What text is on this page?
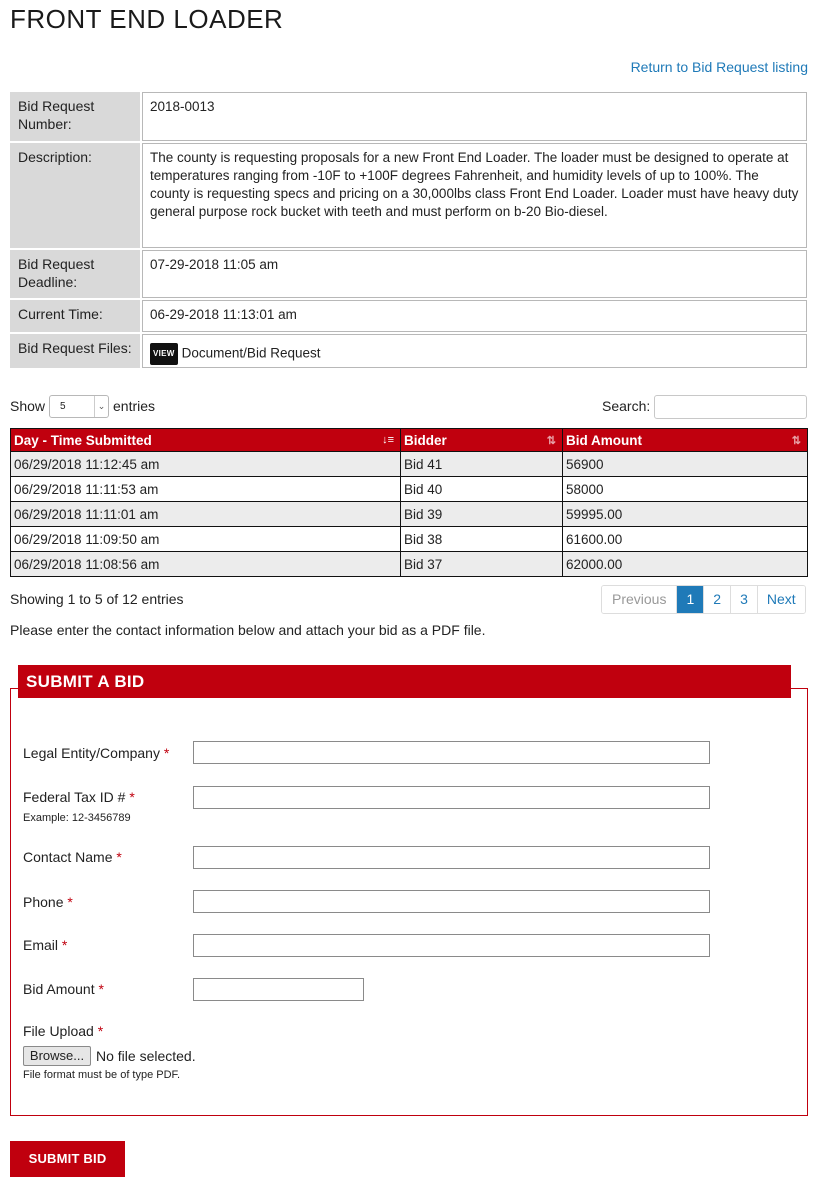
FRONT END LOADER
Return to Bid Request listing
Bid Request Number:
2018-0013
Description:	The county is requesting proposals for a new Front End Loader. The loader must be designed to operate at temperatures ranging from -10F to +100F degrees Fahrenheit, and humidity levels of up to 100%. The county is requesting specs and pricing on a 30,000lbs class Front End Loader. Loader must have heavy duty general purpose rock bucket with teeth and must perform on b-20 Bio-diesel.
Bid Request Deadline:
07-29-2018 11:05 am
Current Time:	06-29-2018 11:13:01 am
Bid Request Files:	VIEW Document/Bid Request
Show	5	⌄ entries	Search:
Day - Time Submitted ↓≡	Bidder ⇅	Bid Amount ⇅

06/29/2018 11:12:45 am	Bid 41	56900
06/29/2018 11:11:53 am	Bid 40	58000
06/29/2018 11:11:01 am	Bid 39	59995.00
06/29/2018 11:09:50 am	Bid 38	61600.00
06/29/2018 11:08:56 am	Bid 37	62000.00
Showing 1 to 5 of 12 entries	Previous	1	2	3	Next
Please enter the contact information below and attach your bid as a PDF file.
SUBMIT A BID
Legal Entity/Company *
Federal Tax ID # *
Example: 12-3456789
Contact Name *
Phone *
Email *
Bid Amount *
File Upload *
Browse... No file selected.
File format must be of type PDF.
SUBMIT BID
